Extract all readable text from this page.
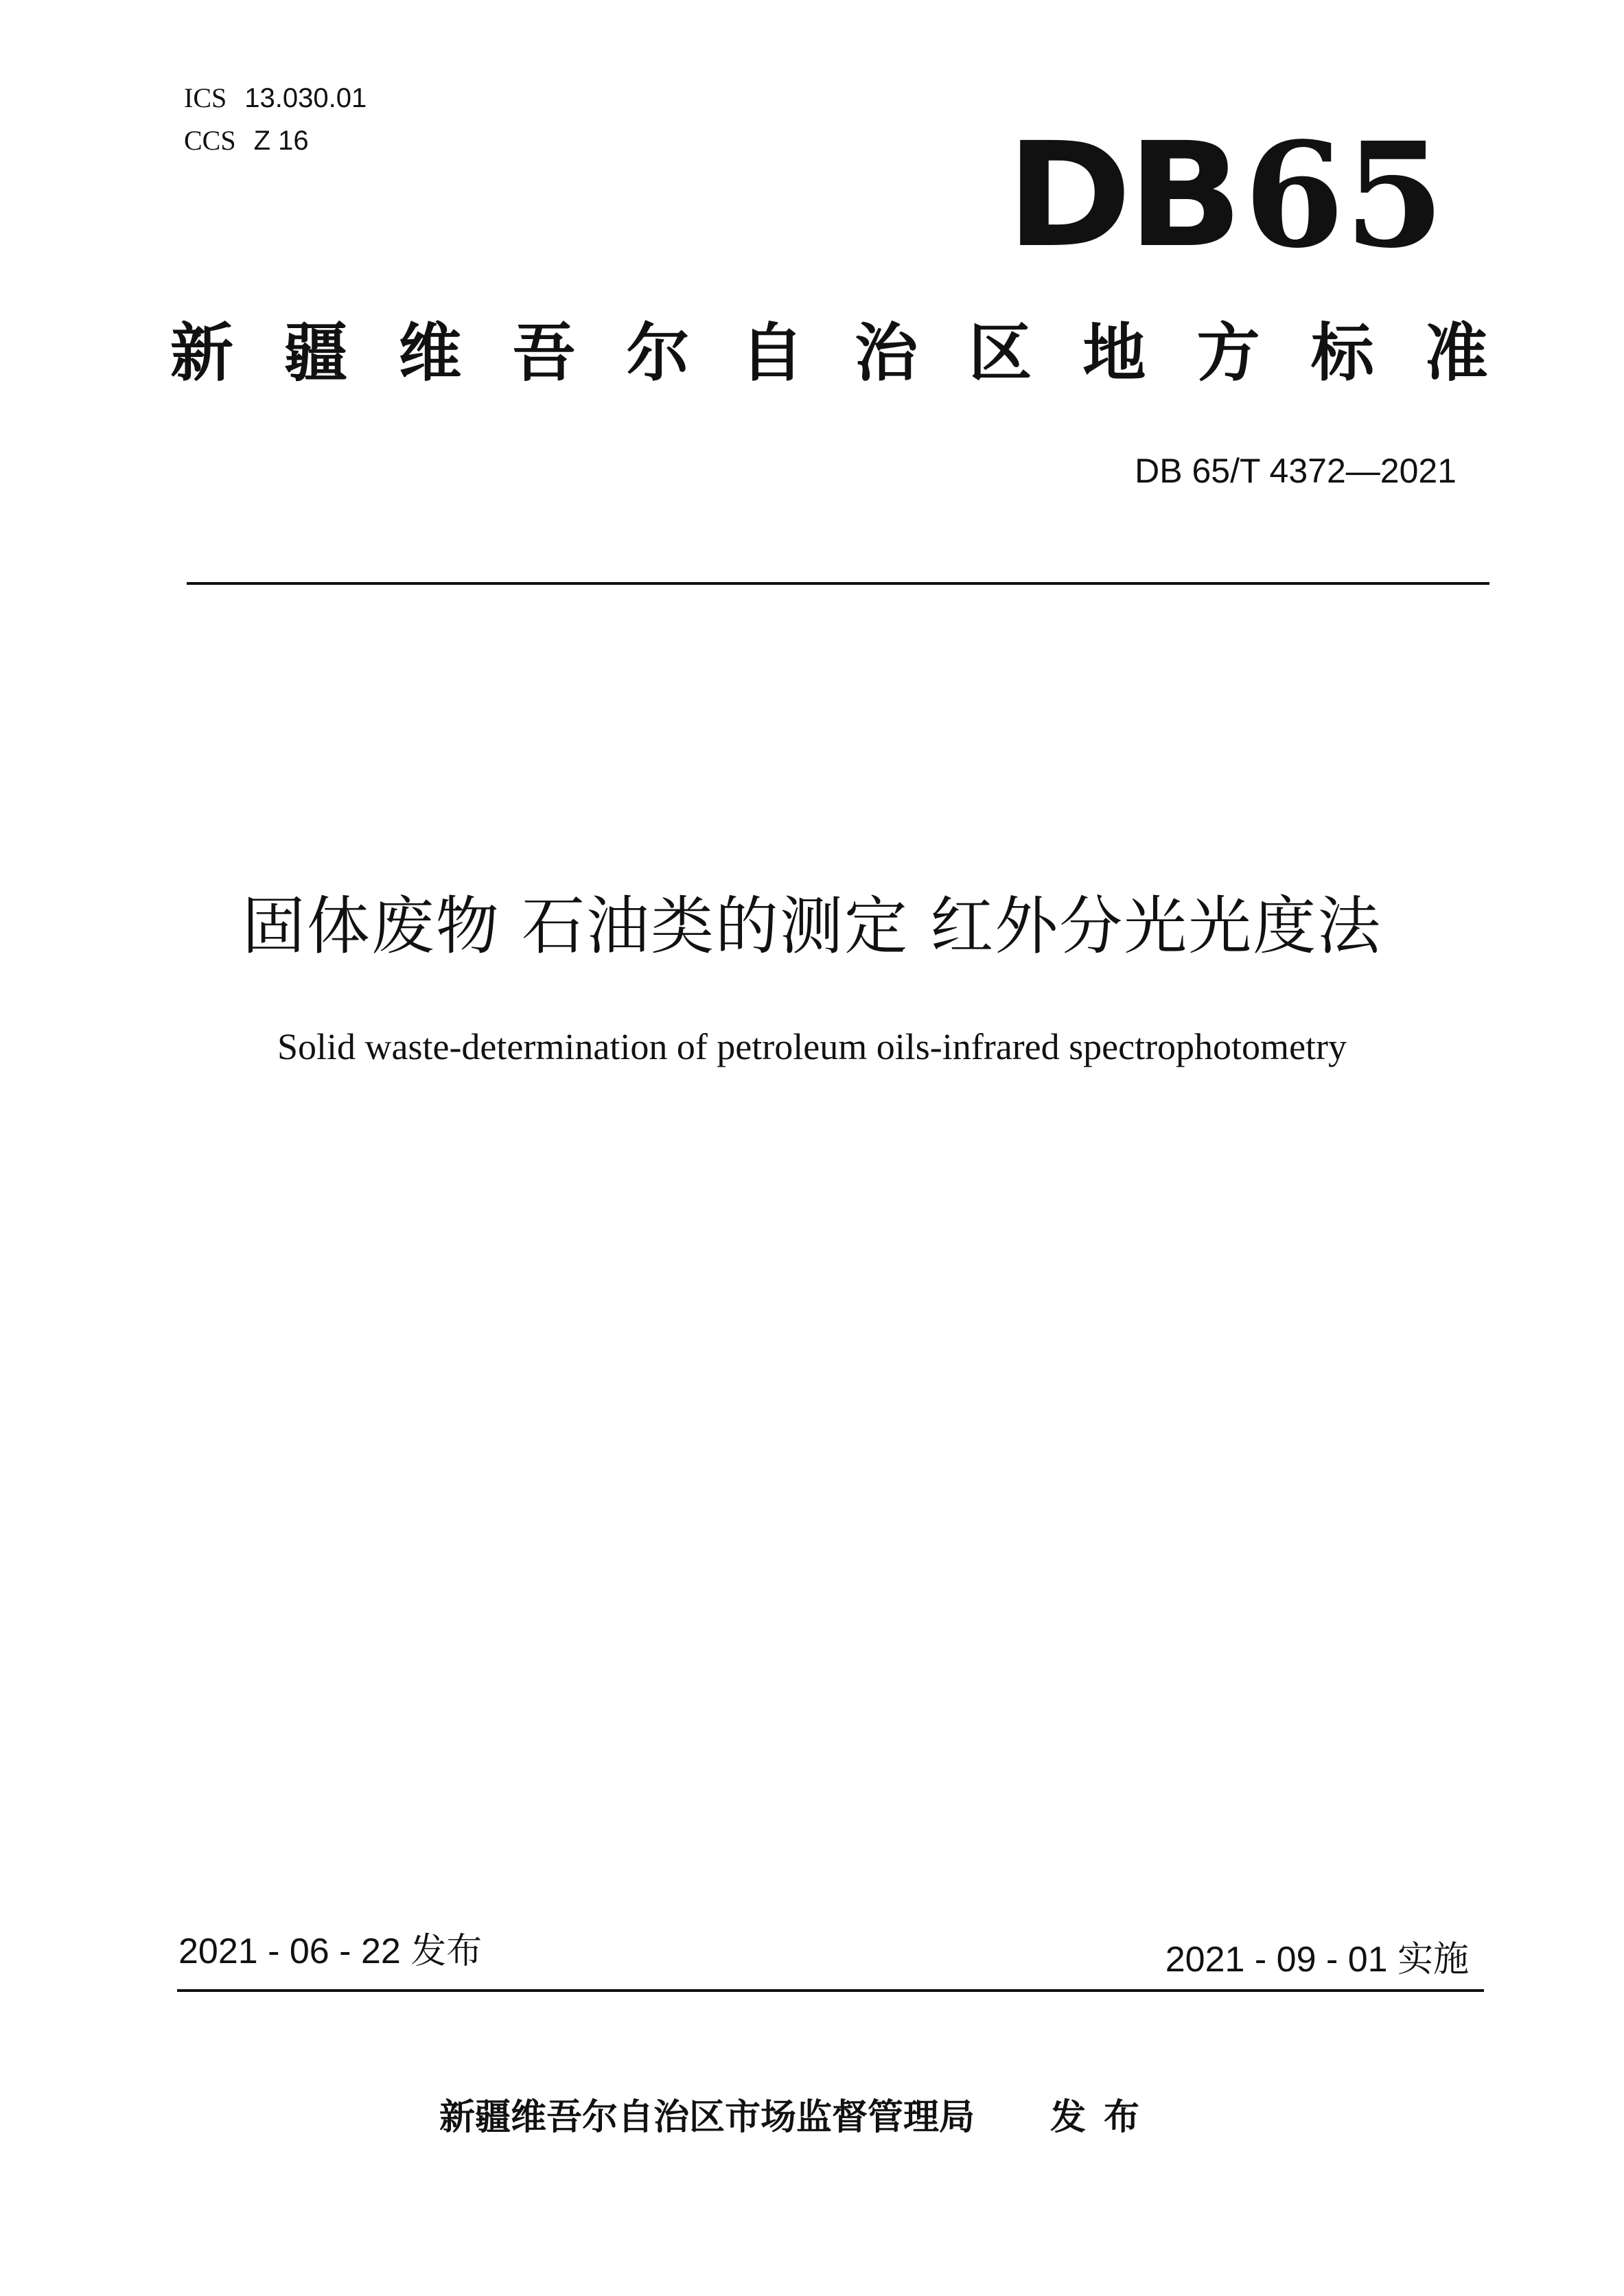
ICS 13.030.01
CCS Z 16	DB 65
新 疆 维 吾 尔 自 治 区 地 方 标 准
DB 65/T 4372—2021
固体废物 石油类的测定 红外分光光度法
Solid waste-determination of petroleum oils-infrared spectrophotometry
2021 - 06 - 22 发布	2021 - 09 - 01 实施
新疆维吾尔自治区市场监督管理局 发布
